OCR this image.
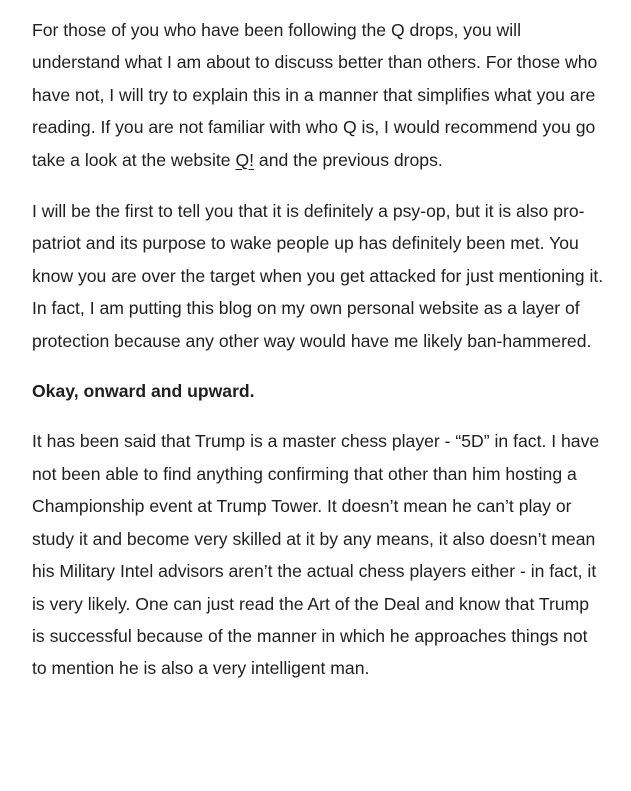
For those of you who have been following the Q drops, you will understand what I am about to discuss better than others. For those who have not, I will try to explain this in a manner that simplifies what you are reading. If you are not familiar with who Q is, I would recommend you go take a look at the website Q! and the previous drops.

I will be the first to tell you that it is definitely a psy-op, but it is also pro-patriot and its purpose to wake people up has definitely been met. You know you are over the target when you get attacked for just mentioning it. In fact, I am putting this blog on my own personal website as a layer of protection because any other way would have me likely ban-hammered.

Okay, onward and upward.

It has been said that Trump is a master chess player - “5D” in fact. I have not been able to find anything confirming that other than him hosting a Championship event at Trump Tower. It doesn’t mean he can’t play or study it and become very skilled at it by any means, it also doesn’t mean his Military Intel advisors aren’t the actual chess players either - in fact, it is very likely. One can just read the Art of the Deal and know that Trump is successful because of the manner in which he approaches things not to mention he is also a very intelligent man.
